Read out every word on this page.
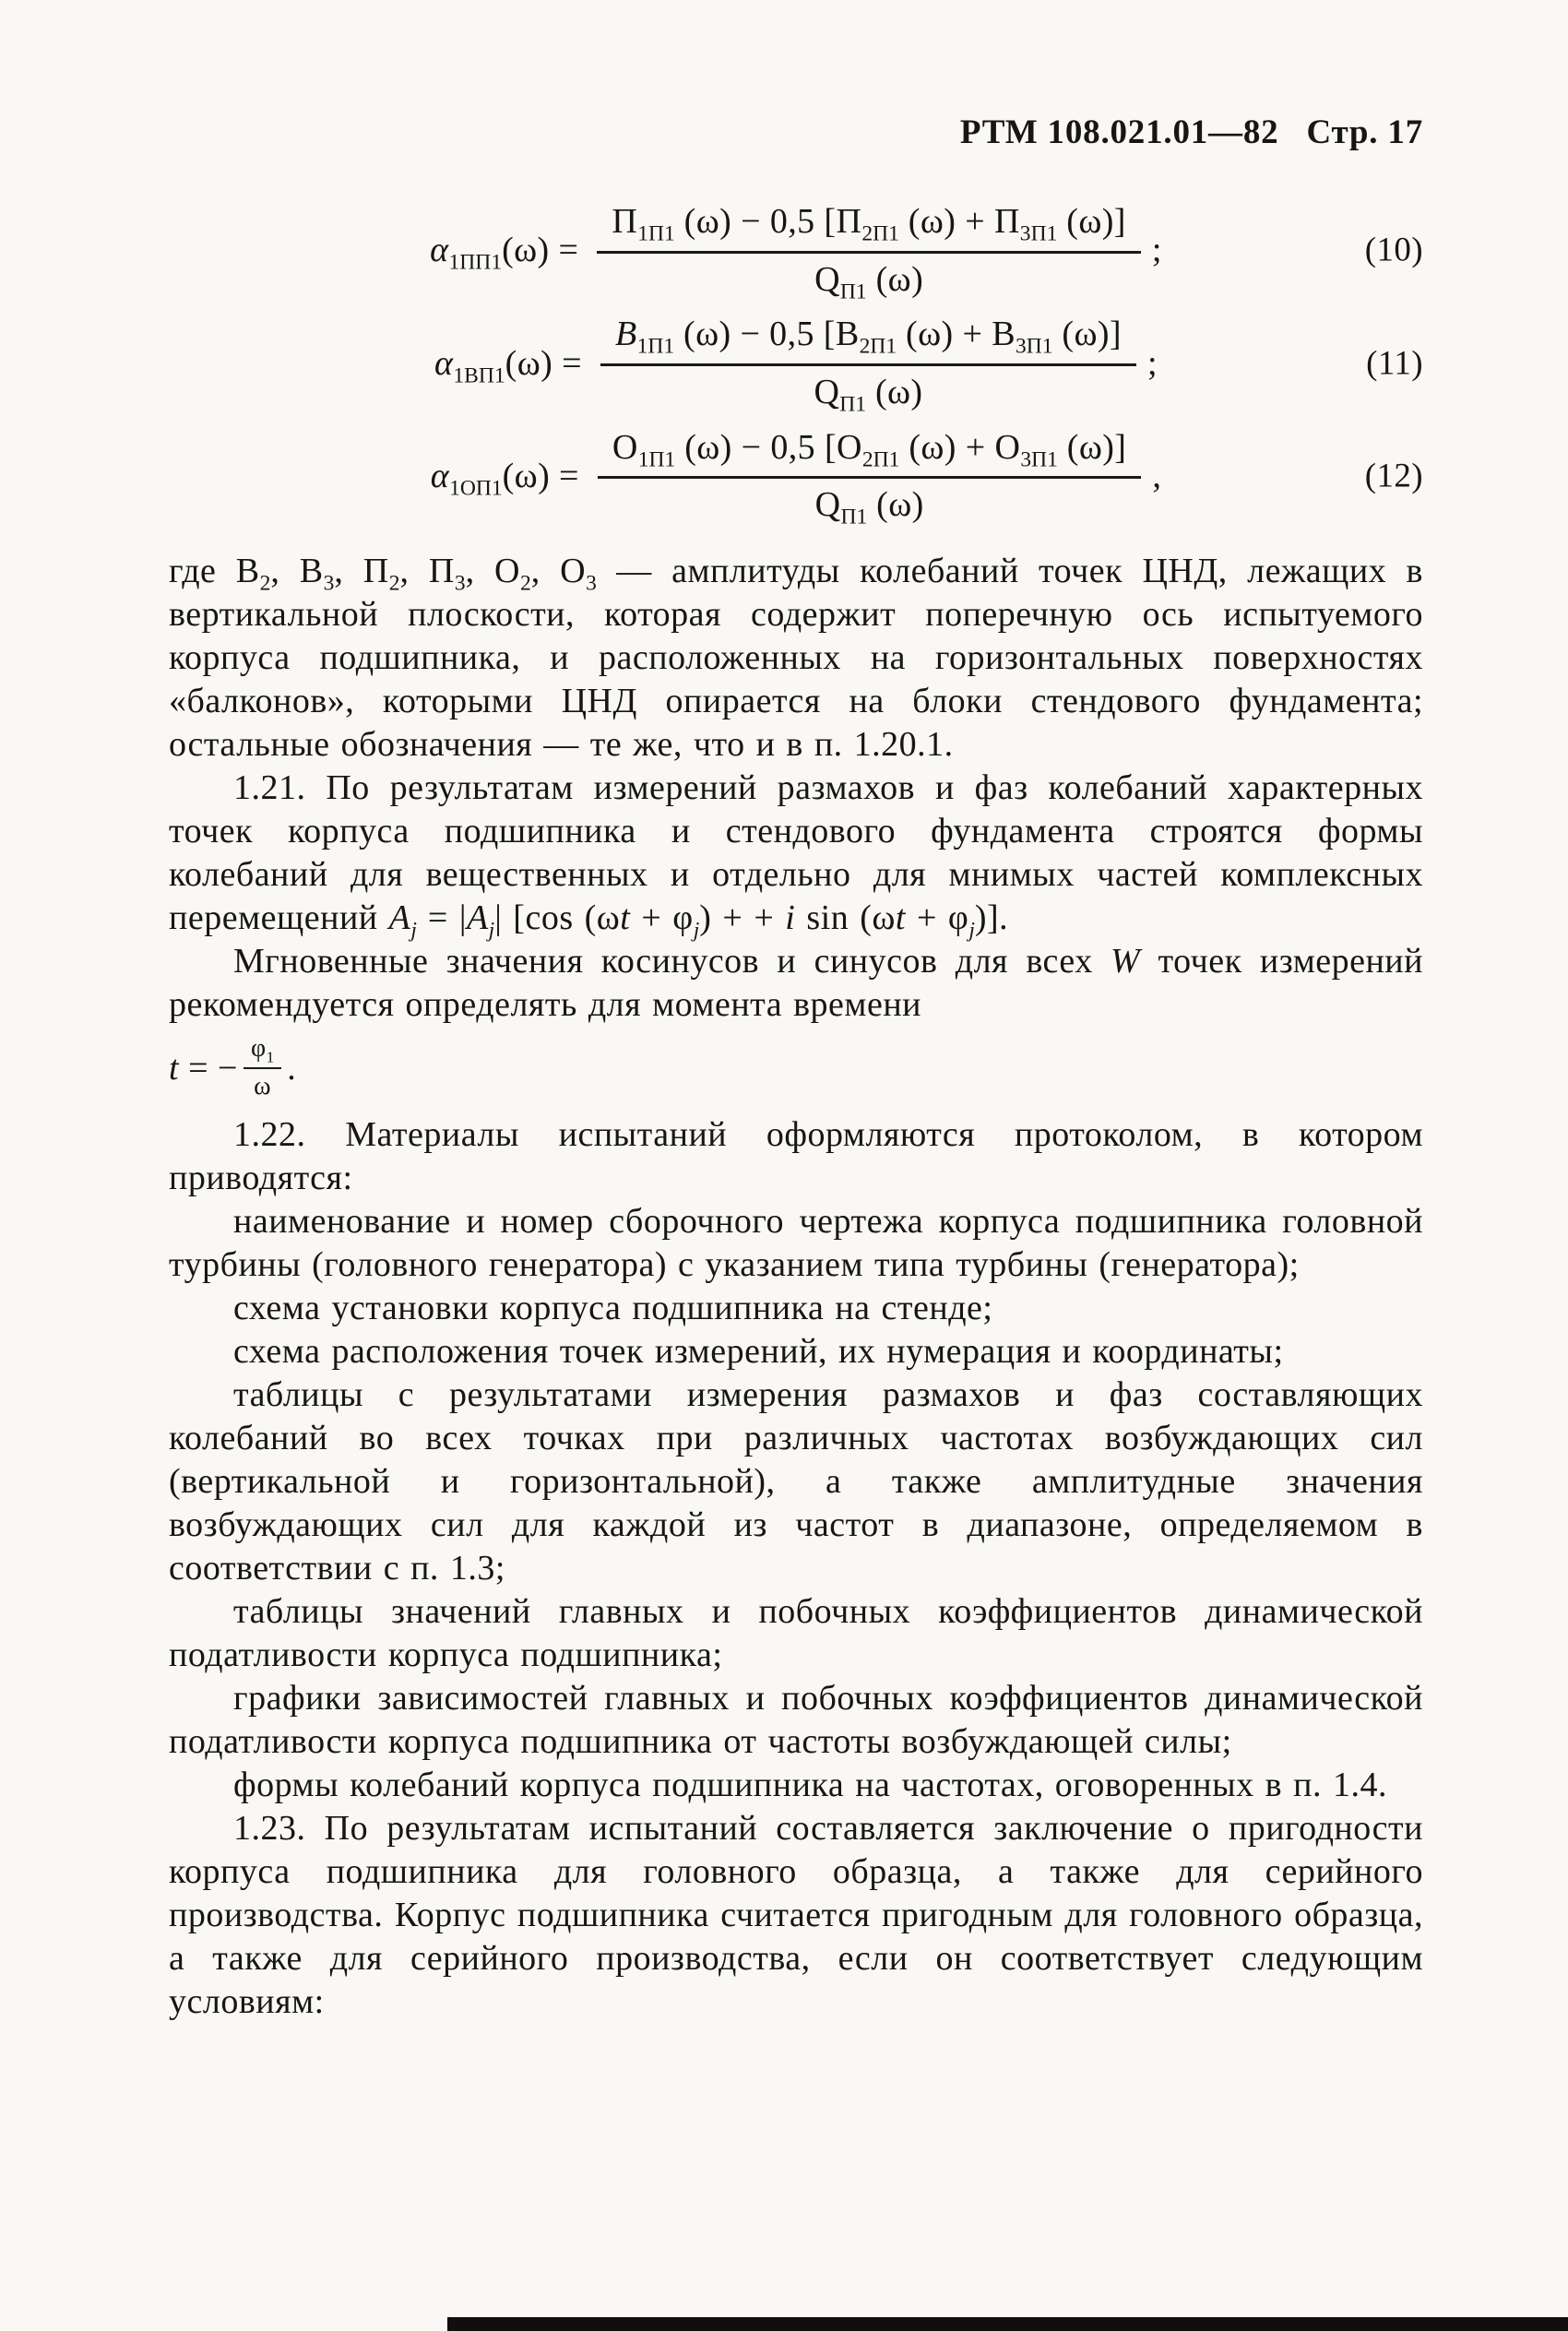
РТМ 108.021.01—82 Стр. 17
$\alpha_{1ПП1}(\omega) = \frac{П_{1П1} (\omega) - 0,5 [П_{2П1} (\omega) + П_{3П1} (\omega)]}{Q_{П1} (\omega)}$ ;	(10)
$\alpha_{1ВП1}(\omega) = \frac{B_{1П1} (\omega) - 0,5 [В_{2П1} (\omega) + В_{3П1} (\omega)]}{Q_{П1} (\omega)}$ ;	(11)
$\alpha_{1ОП1}(\omega) = \frac{О_{1П1} (\omega) - 0,5 [О_{2П1} (\omega) + О_{3П1} (\omega)]}{Q_{П1} (\omega)}$ ,	(12)

где $В_2$, $В_3$, $П_2$, $П_3$, $О_2$, $О_3$ — амплитуды колебаний точек ЦНД, лежащих в вертикальной плоскости, которая содержит поперечную ось испытуемого корпуса подшипника, и расположенных на горизонтальных поверхностях «балконов», которыми ЦНД опирается на блоки стендового фундамента; остальные обозначения — те же, что и в п. 1.20.1.

1.21. По результатам измерений размахов и фаз колебаний характерных точек корпуса подшипника и стендового фундамента строятся формы колебаний для вещественных и отдельно для мнимых частей комплексных перемещений $A_j = |A_j|$ [cos $(\omega t + \varphi_j)$ + + i $\sin (\omega t + \varphi_j)$].

Мгновенные значения косинусов и синусов для всех W точек измерений рекомендуется определять для момента времени

t = − $\frac{\varphi_1}{\omega}$ .

1.22. Материалы испытаний оформляются протоколом, в котором приводятся:

наименование и номер сборочного чертежа корпуса подшипника головной турбины (головного генератора) с указанием типа турбины (генератора);

схема установки корпуса подшипника на стенде;

схема расположения точек измерений, их нумерация и координаты;

таблицы с результатами измерения размахов и фаз составляющих колебаний во всех точках при различных частотах возбуждающих сил (вертикальной и горизонтальной), а также амплитудные значения возбуждающих сил для каждой из частот в диапазоне, определяемом в соответствии с п. 1.3;

таблицы значений главных и побочных коэффициентов динамической податливости корпуса подшипника;

графики зависимостей главных и побочных коэффициентов динамической податливости корпуса подшипника от частоты возбуждающей силы;

формы колебаний корпуса подшипника на частотах, оговоренных в п. 1.4.

1.23. По результатам испытаний составляется заключение о пригодности корпуса подшипника для головного образца, а также для серийного производства. Корпус подшипника считается пригодным для головного образца, а также для серийного производства, если он соответствует следующим условиям:
